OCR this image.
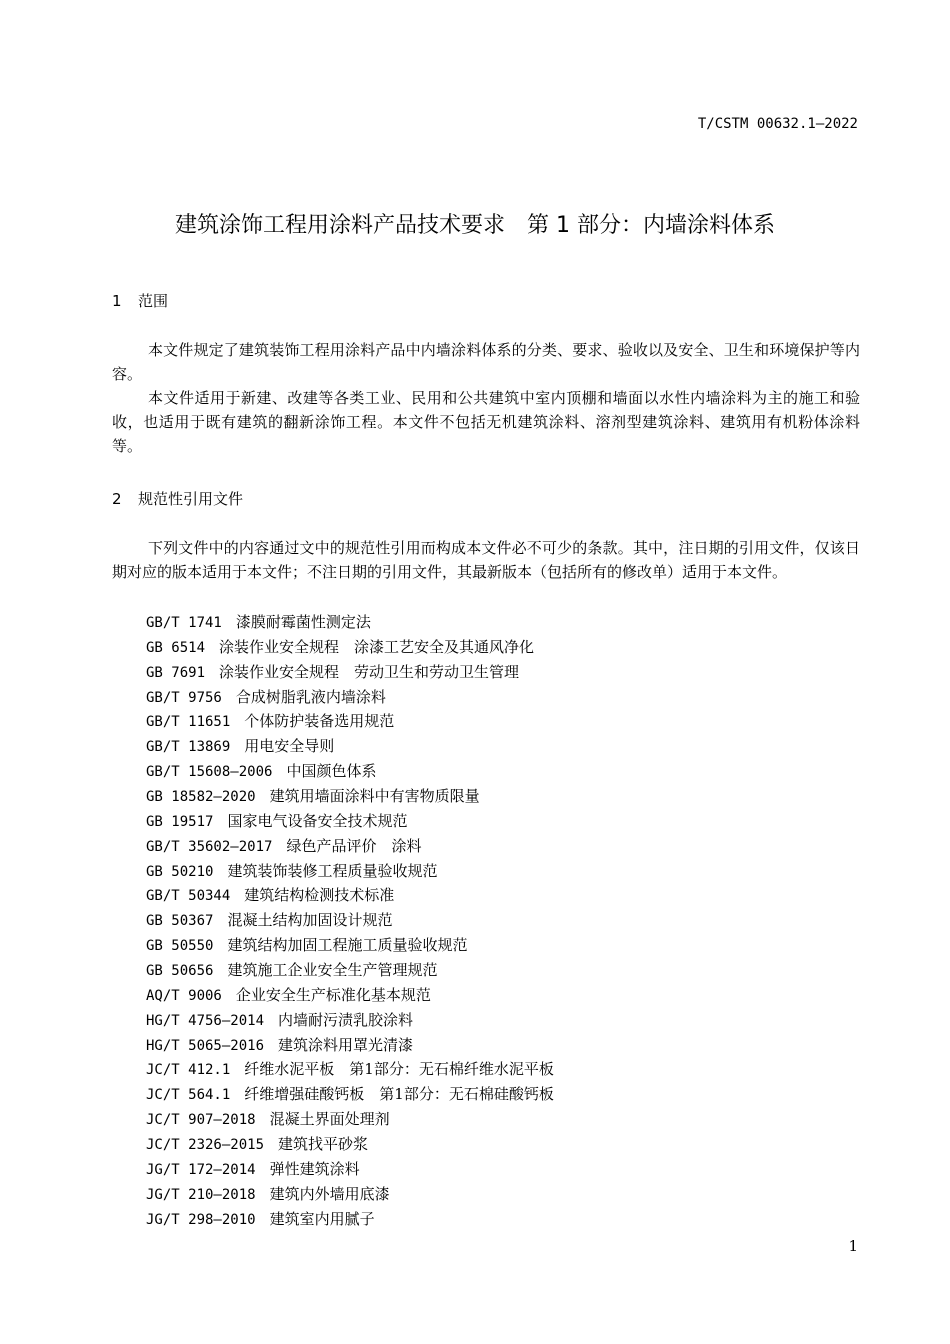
T/CSTM 00632.1—2022
建筑涂饰工程用涂料产品技术要求　第 1 部分：内墙涂料体系
1 范围

本文件规定了建筑装饰工程用涂料产品中内墙涂料体系的分类、要求、验收以及安全、卫生和环境保护等内容。

本文件适用于新建、改建等各类工业、民用和公共建筑中室内顶棚和墙面以水性内墙涂料为主的施工和验收，也适用于既有建筑的翻新涂饰工程。本文件不包括无机建筑涂料、溶剂型建筑涂料、建筑用有机粉体涂料等。

2 规范性引用文件

下列文件中的内容通过文中的规范性引用而构成本文件必不可少的条款。其中，注日期的引用文件，仅该日期对应的版本适用于本文件；不注日期的引用文件，其最新版本（包括所有的修改单）适用于本文件。

GB/T 1741 漆膜耐霉菌性测定法
GB 6514 涂装作业安全规程　涂漆工艺安全及其通风净化
GB 7691 涂装作业安全规程　劳动卫生和劳动卫生管理
GB/T 9756 合成树脂乳液内墙涂料
GB/T 11651 个体防护装备选用规范
GB/T 13869 用电安全导则
GB/T 15608—2006 中国颜色体系
GB 18582—2020 建筑用墙面涂料中有害物质限量
GB 19517 国家电气设备安全技术规范
GB/T 35602—2017 绿色产品评价　涂料
GB 50210 建筑装饰装修工程质量验收规范
GB/T 50344 建筑结构检测技术标准
GB 50367 混凝土结构加固设计规范
GB 50550 建筑结构加固工程施工质量验收规范
GB 50656 建筑施工企业安全生产管理规范
AQ/T 9006 企业安全生产标准化基本规范
HG/T 4756—2014 内墙耐污渍乳胶涂料
HG/T 5065—2016 建筑涂料用罩光清漆
JC/T 412.1 纤维水泥平板　第1部分：无石棉纤维水泥平板
JC/T 564.1 纤维增强硅酸钙板　第1部分：无石棉硅酸钙板
JC/T 907—2018 混凝土界面处理剂
JC/T 2326—2015 建筑找平砂浆
JG/T 172—2014 弹性建筑涂料
JG/T 210—2018 建筑内外墙用底漆
JG/T 298—2010 建筑室内用腻子
1
